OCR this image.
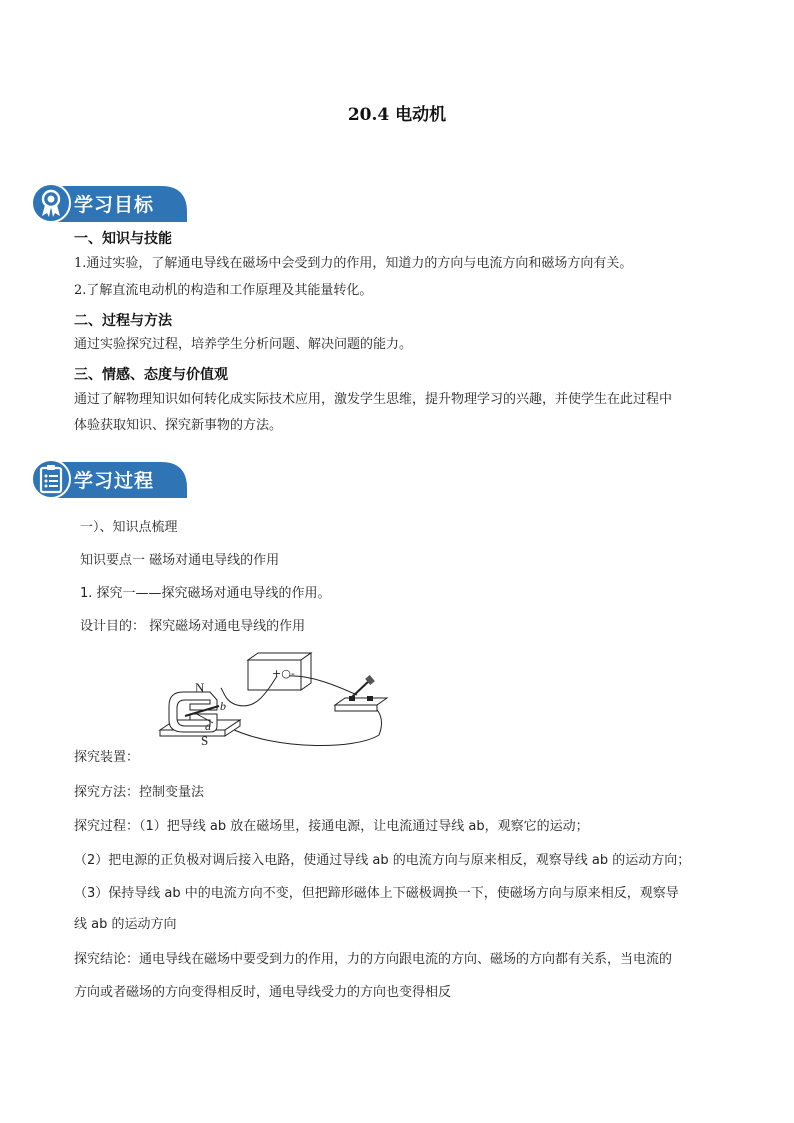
20.4 电动机
学习目标
一、知识与技能
1.通过实验，了解通电导线在磁场中会受到力的作用，知道力的方向与电流方向和磁场方向有关。
2.了解直流电动机的构造和工作原理及其能量转化。
二、过程与方法
通过实验探究过程，培养学生分析问题、解决问题的能力。
三、情感、态度与价值观
通过了解物理知识如何转化成实际技术应用，激发学生思维，提升物理学习的兴趣，并使学生在此过程中
体验获取知识、探究新事物的方法。
学习过程
一）、知识点梳理
知识要点一 磁场对通电导线的作用
1. 探究一——探究磁场对通电导线的作用。
设计目的： 探究磁场对通电导线的作用
+○-
N
S
b
a
探究装置：
探究方法：控制变量法
探究过程：（1）把导线 ab 放在磁场里，接通电源，让电流通过导线 ab，观察它的运动；
（2）把电源的正负极对调后接入电路，使通过导线 ab 的电流方向与原来相反，观察导线 ab 的运动方向；
（3）保持导线 ab 中的电流方向不变，但把蹄形磁体上下磁极调换一下，使磁场方向与原来相反，观察导
线 ab 的运动方向
探究结论：通电导线在磁场中要受到力的作用，力的方向跟电流的方向、磁场的方向都有关系，当电流的
方向或者磁场的方向变得相反时，通电导线受力的方向也变得相反
